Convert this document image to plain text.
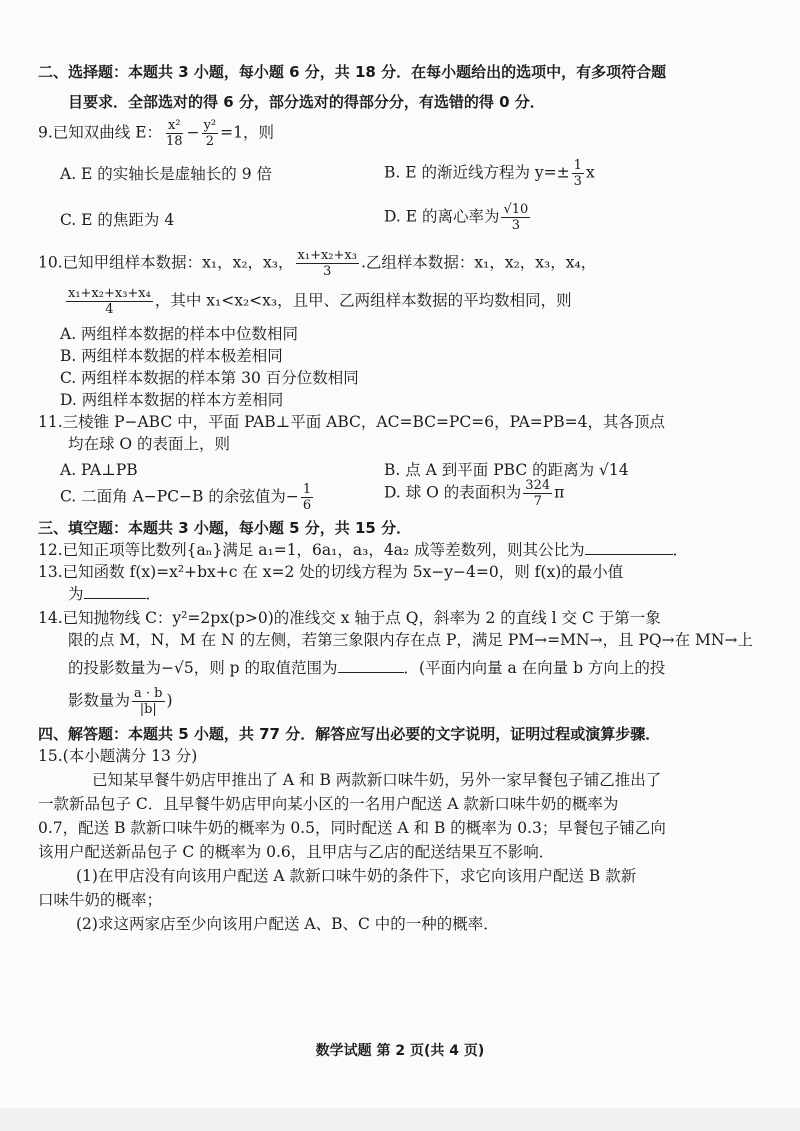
二、选择题：本题共 3 小题，每小题 6 分，共 18 分．在每小题给出的选项中，有多项符合题
目要求．全部选对的得 6 分，部分选对的得部分分，有选错的得 0 分．
9.已知双曲线 E： $\frac{\text{x²}}{18} - \frac{\text{y²}}{2} =1$，则
A. E 的实轴长是虚轴长的 9 倍	B. E 的渐近线方程为 $y=\pm \frac{1}{3}$ x
C. E 的焦距为 4	D. E 的离心率为 $\frac{√10}{3}$
10.已知甲组样本数据：x₁，x₂，x₃， $\frac{\text{x₁+x₂+x₃}}{3}$ .乙组样本数据：x₁，x₂，x₃，x₄，
$\frac{\text{x₁+x₂+x₃+x₄}}{4}$ ，其中 x₁<x₂<x₃，且甲、乙两组样本数据的平均数相同，则
A. 两组样本数据的样本中位数相同
B. 两组样本数据的样本极差相同
C. 两组样本数据的样本第 30 百分位数相同
D. 两组样本数据的样本方差相同
11.三棱锥 P−ABC 中，平面 PAB⊥平面 ABC，AC=BC=PC=6，PA=PB=4，其各顶点
均在球 O 的表面上，则
A. PA⊥PB	B. 点 A 到平面 PBC 的距离为 √14
C. 二面角 A−PC−B 的余弦值为− $\frac{1}{6}$	D. 球 O 的表面积为 $\frac{324}{7}$ π
三、填空题：本题共 3 小题，每小题 5 分，共 15 分．
12.已知正项等比数列{aₙ}满足 a₁=1，6a₁，a₃，4a₂ 成等差数列，则其公比为	．
13.已知函数 f(x)=x²+bx+c 在 x=2 处的切线方程为 5x−y−4=0，则 f(x)的最小值
为	．
14.已知抛物线 C：y²=2px(p>0)的准线交 x 轴于点 Q，斜率为 2 的直线 l 交 C 于第一象
限的点 M，N，M 在 N 的左侧，若第三象限内存在点 P，满足 PM→=MN→，且 PQ→在 MN→上
的投影数量为−√5，则 p 的取值范围为	．(平面内向量 a 在向量 b 方向上的投
影数量为 $\frac{a \cdot b}{|b|}$ )
四、解答题：本题共 5 小题，共 77 分．解答应写出必要的文字说明，证明过程或演算步骤．
15.(本小题满分 13 分)
已知某早餐牛奶店甲推出了 A 和 B 两款新口味牛奶，另外一家早餐包子铺乙推出了
一款新品包子 C．且早餐牛奶店甲向某小区的一名用户配送 A 款新口味牛奶的概率为
0.7，配送 B 款新口味牛奶的概率为 0.5，同时配送 A 和 B 的概率为 0.3；早餐包子铺乙向
该用户配送新品包子 C 的概率为 0.6，且甲店与乙店的配送结果互不影响．
(1)在甲店没有向该用户配送 A 款新口味牛奶的条件下，求它向该用户配送 B 款新
口味牛奶的概率；
(2)求这两家店至少向该用户配送 A、B、C 中的一种的概率．
数学试题 第 2 页(共 4 页)
